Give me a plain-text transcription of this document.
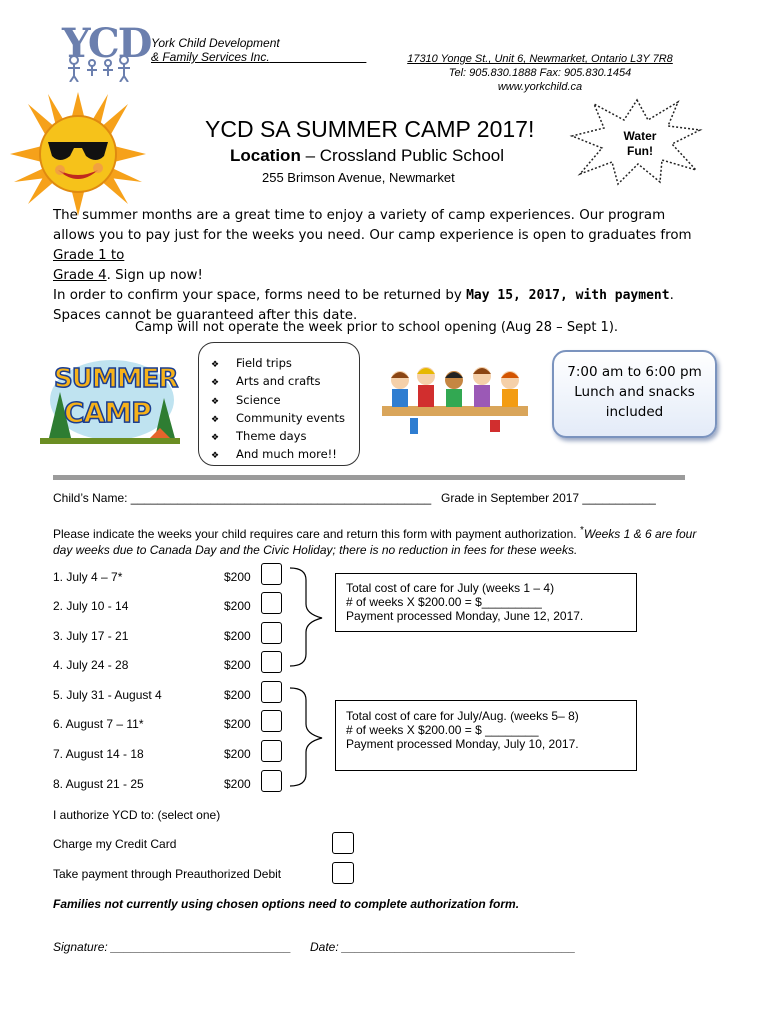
YCD York Child Development
& Family Services Inc.	17310 Yonge St., Unit 6, Newmarket, Ontario L3Y 7R8
Tel: 905.830.1888 Fax: 905.830.1454
www.yorkchild.ca
YCD SA SUMMER CAMP 2017!
Location – Crossland Public School
255 Brimson Avenue, Newmarket
Water
Fun!
The summer months are a great time to enjoy a variety of camp experiences. Our program allows you to pay just for the weeks you need. Our camp experience is open to graduates from Grade 1 to
Grade 4. Sign up now!
In order to confirm your space, forms need to be returned by May 15, 2017, with payment.
Spaces cannot be guaranteed after this date.
Camp will not operate the week prior to school opening (Aug 28 – Sept 1).
SUMMER
CAMP
❖ Field trips
❖ Arts and crafts
❖ Science
❖ Community events
❖ Theme days
❖ And much more!!
7:00 am to 6:00 pm
Lunch and snacks
included
Child’s Name: _____________________________________________ Grade in September 2017 ___________
Please indicate the weeks your child requires care and return this form with payment authorization. *Weeks 1 & 6 are four day weeks due to Canada Day and the Civic Holiday; there is no reduction in fees for these weeks.
1. July 4 – 7*	$200
2. July 10 - 14	$200
3. July 17 - 21	$200
4. July 24 - 28	$200
5. July 31 - August 4	$200
6. August 7 – 11*	$200
7. August 14 - 18	$200
8. August 21 - 25	$200
Total cost of care for July (weeks 1 – 4)
# of weeks X $200.00 = $_________
Payment processed Monday, June 12, 2017.
Total cost of care for July/Aug. (weeks 5– 8)
# of weeks X $200.00 = $ ________
Payment processed Monday, July 10, 2017.
I authorize YCD to: (select one)
Charge my Credit Card
Take payment through Preauthorized Debit
Families not currently using chosen options need to complete authorization form.
Signature: ___________________________ Date: ___________________________________
